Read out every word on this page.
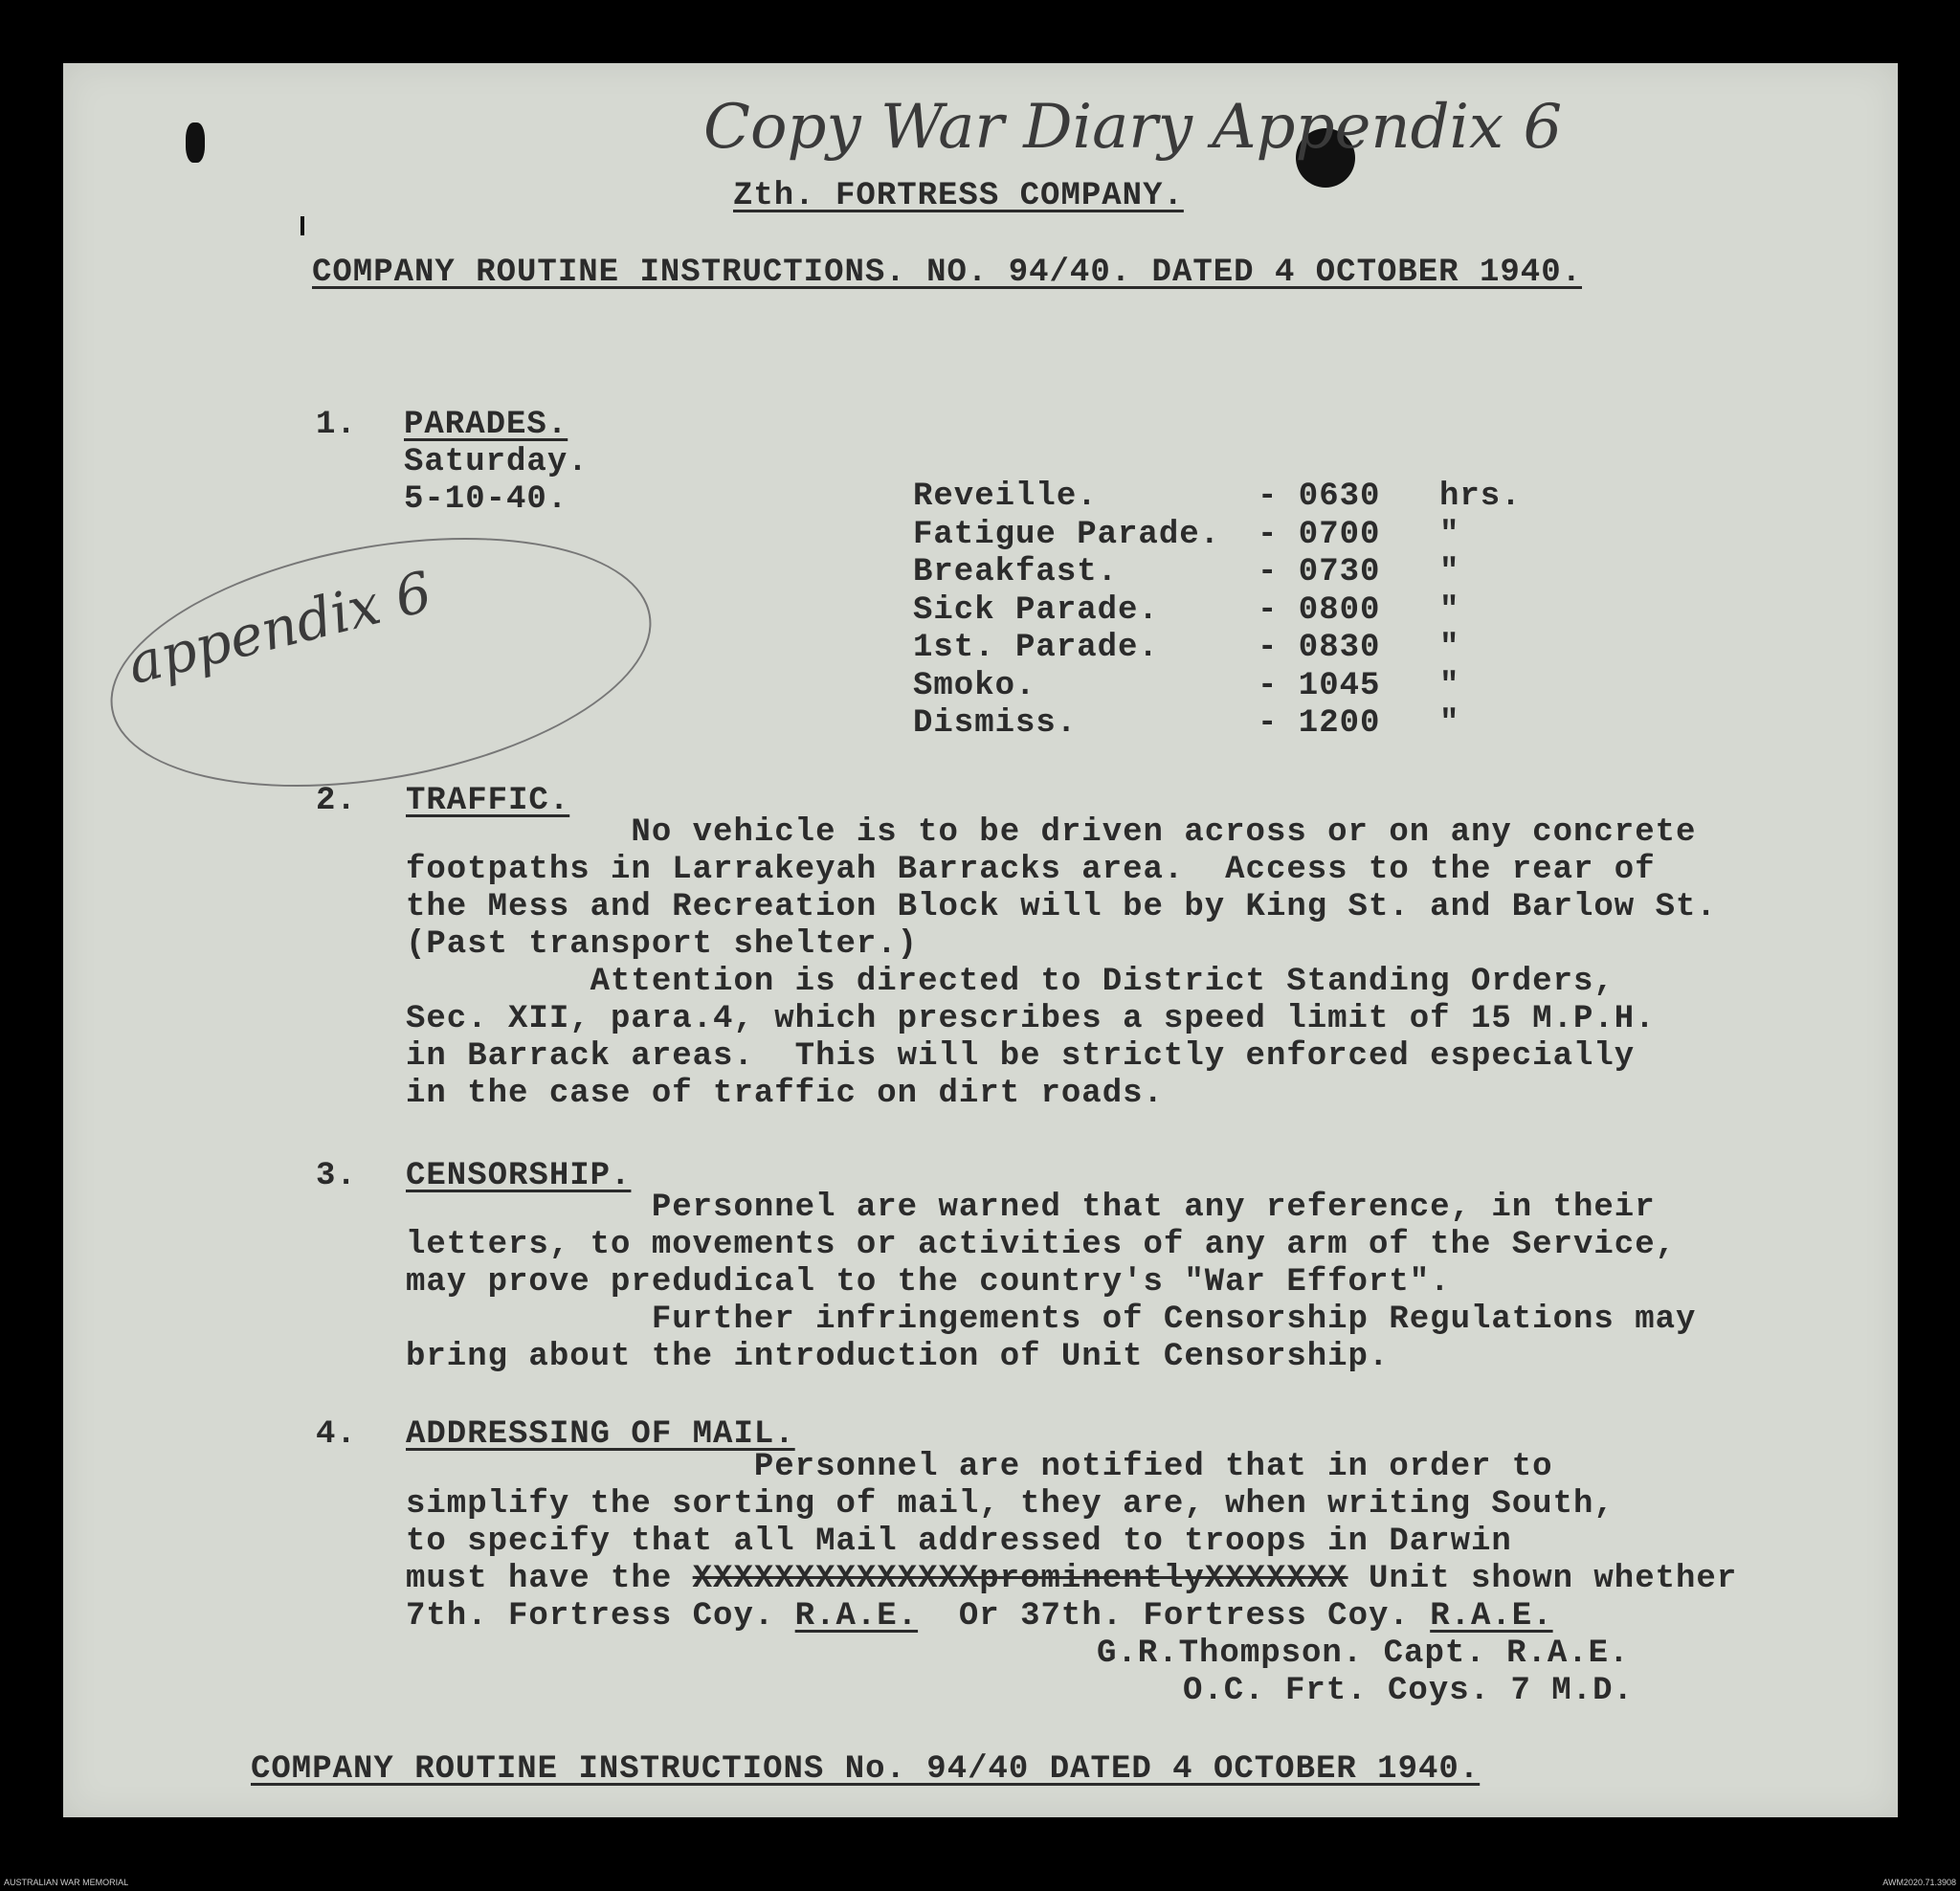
Copy War Diary Appendix 6
appendix 6
Zth. FORTRESS COMPANY.
COMPANY ROUTINE INSTRUCTIONS. NO. 94/40. DATED 4 OCTOBER 1940.
1. PARADES.
Saturday.
5-10-40.	Reveille.	- 0630	hrs.
Fatigue Parade.	- 0700	"
Breakfast.	- 0730	"
Sick Parade.	- 0800	"
1st. Parade.	- 0830	"
Smoko.	- 1045	"
Dismiss.	- 1200	"
2. TRAFFIC.
No vehicle is to be driven across or on any concrete
footpaths in Larrakeyah Barracks area.  Access to the rear of
the Mess and Recreation Block will be by King St. and Barlow St.
(Past transport shelter.)
Attention is directed to District Standing Orders,
Sec. XII, para.4, which prescribes a speed limit of 15 M.P.H.
in Barrack areas.  This will be strictly enforced especially
in the case of traffic on dirt roads.
3. CENSORSHIP.
Personnel are warned that any reference, in their
letters, to movements or activities of any arm of the Service,
may prove predudical to the country's "War Effort".
Further infringements of Censorship Regulations may
bring about the introduction of Unit Censorship.
4. ADDRESSING OF MAIL.
Personnel are notified that in order to
simplify the sorting of mail, they are, when writing South,
to specify that all Mail addressed to troops in Darwin
must have the XXXXXXXXXXXXXXprominentlyXXXXXXX Unit shown whether
7th. Fortress Coy. R.A.E.  Or 37th. Fortress Coy. R.A.E.
G.R.Thompson. Capt. R.A.E.
O.C. Frt. Coys. 7 M.D.
COMPANY ROUTINE INSTRUCTIONS No. 94/40 DATED 4 OCTOBER 1940.
AUSTRALIAN WAR MEMORIAL	AWM2020.71.3908
